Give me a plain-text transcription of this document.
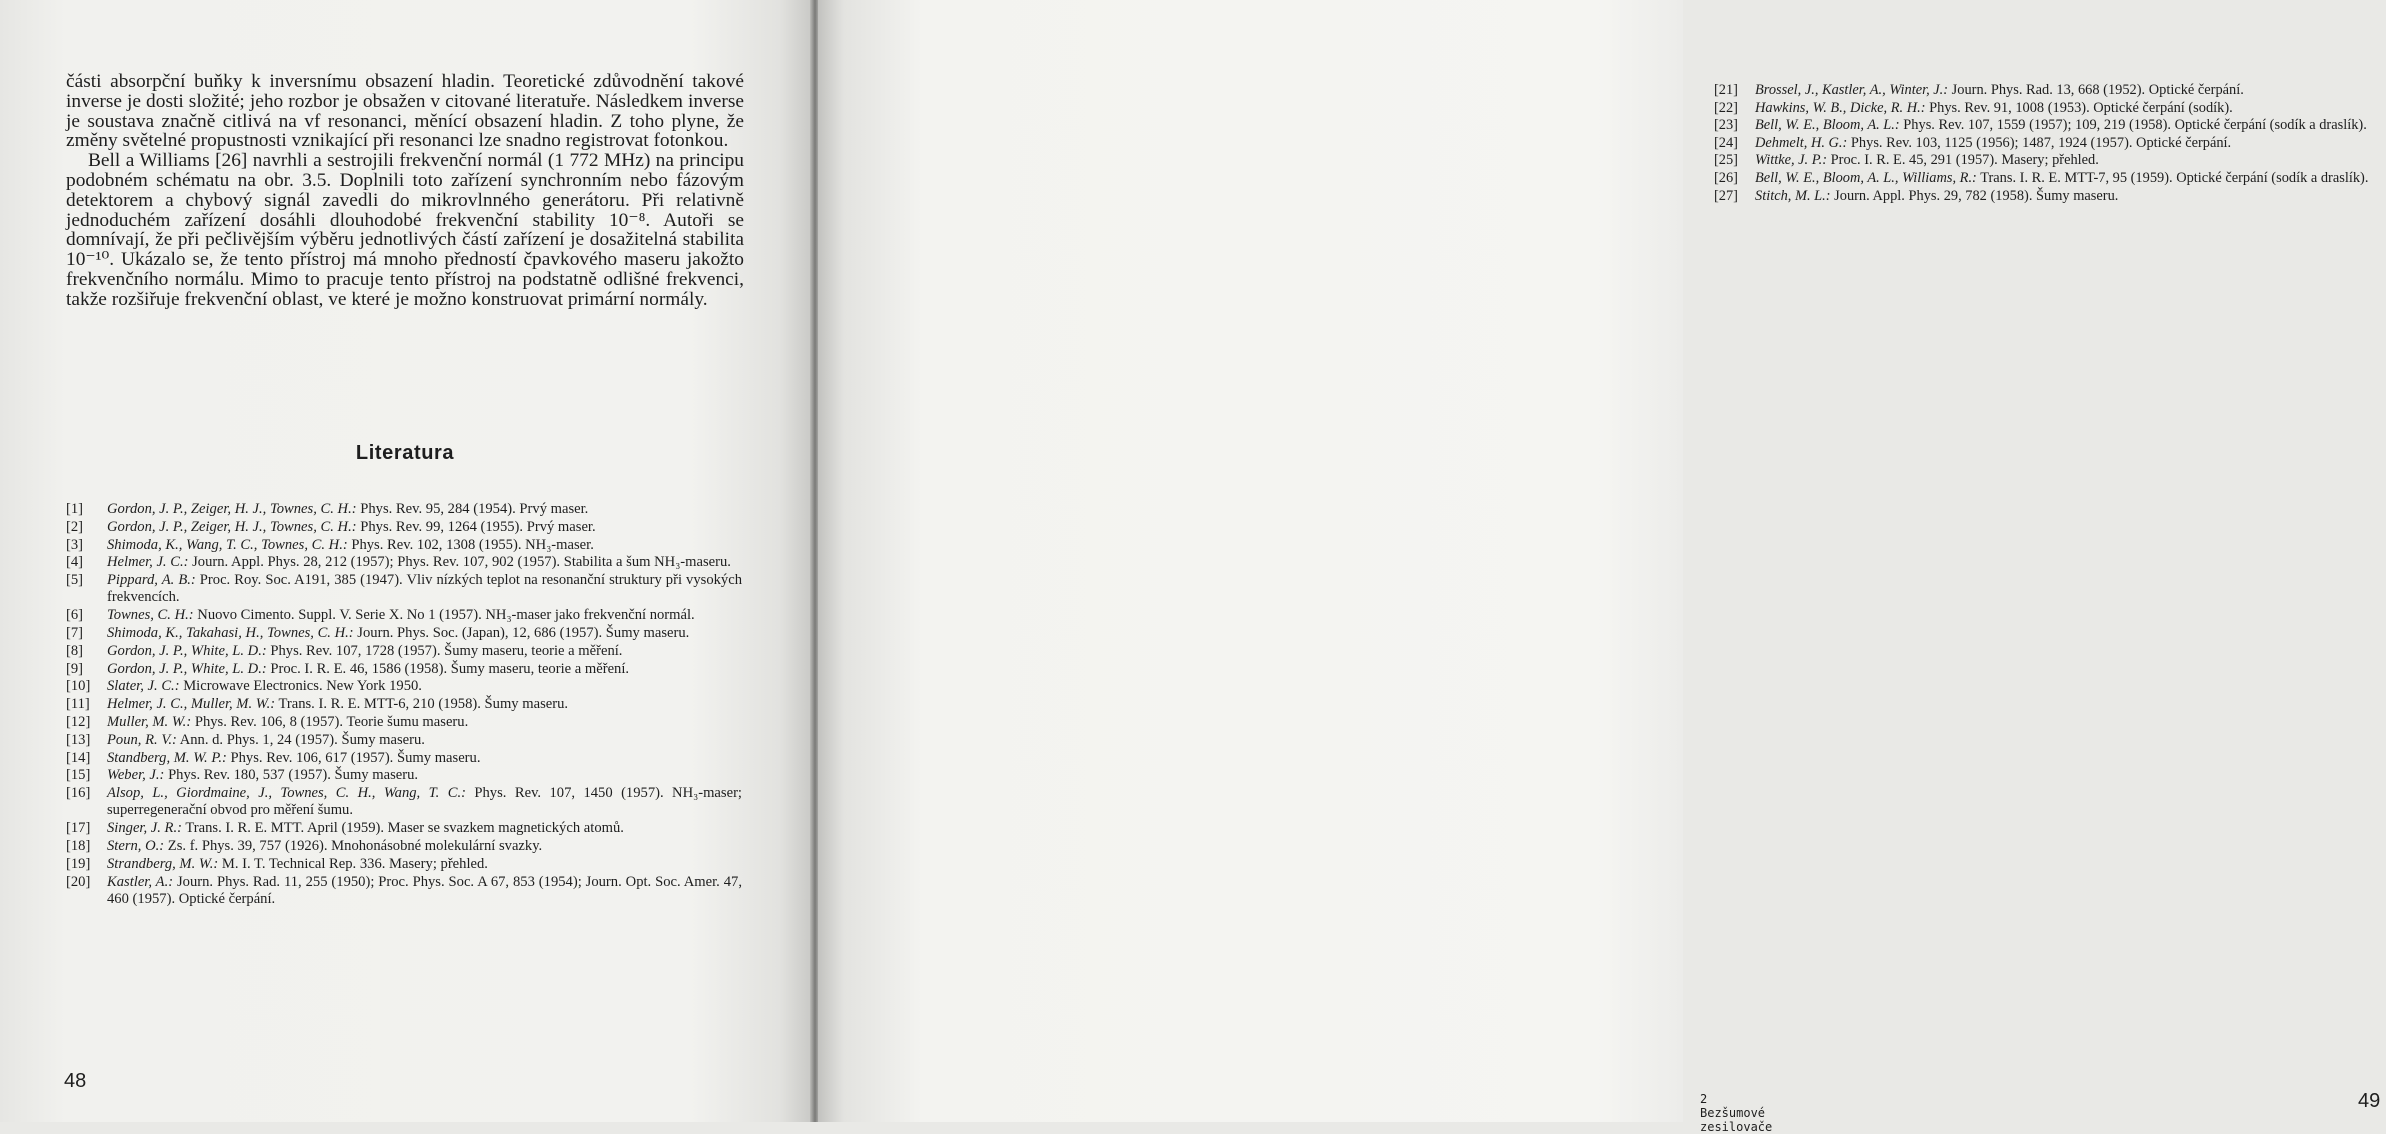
části absorpční buňky k inversnímu obsazení hladin. Teoretické zdůvodnění takové inverse je dosti složité; jeho rozbor je obsažen v citované literatuře. Následkem inverse je soustava značně citlivá na vf resonanci, měnící obsazení hladin. Z toho plyne, že změny světelné propustnosti vznikající při resonanci lze snadno registrovat fotonkou.

Bell a Williams [26] navrhli a sestrojili frekvenční normál (1 772 MHz) na principu podobném schématu na obr. 3.5. Doplnili toto zařízení synchronním nebo fázovým detektorem a chybový signál zavedli do mikrovlnného generátoru. Při relativně jednoduchém zařízení dosáhli dlouhodobé frekvenční stability 10⁻⁸. Autoři se domnívají, že při pečlivějším výběru jednotlivých částí zařízení je dosažitelná stabilita 10⁻¹⁰. Ukázalo se, že tento přístroj má mnoho předností čpavkového maseru jakožto frekvenčního normálu. Mimo to pracuje tento přístroj na podstatně odlišné frekvenci, takže rozšiřuje frekvenční oblast, ve které je možno konstruovat primární normály.

Literatura
[1] Gordon, J. P., Zeiger, H. J., Townes, C. H.: Phys. Rev. 95, 284 (1954). Prvý maser.
[2] Gordon, J. P., Zeiger, H. J., Townes, C. H.: Phys. Rev. 99, 1264 (1955). Prvý maser.
[3] Shimoda, K., Wang, T. C., Townes, C. H.: Phys. Rev. 102, 1308 (1955). NH₃-maser.
[4] Helmer, J. C.: Journ. Appl. Phys. 28, 212 (1957); Phys. Rev. 107, 902 (1957). Stabilita a šum NH₃-maseru.
[5] Pippard, A. B.: Proc. Roy. Soc. A191, 385 (1947). Vliv nízkých teplot na resonanční struktury při vysokých frekvencích.
[6] Townes, C. H.: Nuovo Cimento. Suppl. V. Serie X. No 1 (1957). NH₃-maser jako frekvenční normál.
[7] Shimoda, K., Takahasi, H., Townes, C. H.: Journ. Phys. Soc. (Japan), 12, 686 (1957). Šumy maseru.
[8] Gordon, J. P., White, L. D.: Phys. Rev. 107, 1728 (1957). Šumy maseru, teorie a měření.
[9] Gordon, J. P., White, L. D.: Proc. I. R. E. 46, 1586 (1958). Šumy maseru, teorie a měření.
[10] Slater, J. C.: Microwave Electronics. New York 1950.
[11] Helmer, J. C., Muller, M. W.: Trans. I. R. E. MTT-6, 210 (1958). Šumy maseru.
[12] Muller, M. W.: Phys. Rev. 106, 8 (1957). Teorie šumu maseru.
[13] Poun, R. V.: Ann. d. Phys. 1, 24 (1957). Šumy maseru.
[14] Standberg, M. W. P.: Phys. Rev. 106, 617 (1957). Šumy maseru.
[15] Weber, J.: Phys. Rev. 180, 537 (1957). Šumy maseru.
[16] Alsop, L., Giordmaine, J., Townes, C. H., Wang, T. C.: Phys. Rev. 107, 1450 (1957). NH₃-maser; superregenerační obvod pro měření šumu.
[17] Singer, J. R.: Trans. I. R. E. MTT. April (1959). Maser se svazkem magnetických atomů.
[18] Stern, O.: Zs. f. Phys. 39, 757 (1926). Mnohonásobné molekulární svazky.
[19] Strandberg, M. W.: M. I. T. Technical Rep. 336. Masery; přehled.
[20] Kastler, A.: Journ. Phys. Rad. 11, 255 (1950); Proc. Phys. Soc. A 67, 853 (1954); Journ. Opt. Soc. Amer. 47, 460 (1957). Optické čerpání.
48
[21] Brossel, J., Kastler, A., Winter, J.: Journ. Phys. Rad. 13, 668 (1952). Optické čerpání.
[22] Hawkins, W. B., Dicke, R. H.: Phys. Rev. 91, 1008 (1953). Optické čerpání (sodík).
[23] Bell, W. E., Bloom, A. L.: Phys. Rev. 107, 1559 (1957); 109, 219 (1958). Optické čerpání (sodík a draslík).
[24] Dehmelt, H. G.: Phys. Rev. 103, 1125 (1956); 1487, 1924 (1957). Optické čerpání.
[25] Wittke, J. P.: Proc. I. R. E. 45, 291 (1957). Masery; přehled.
[26] Bell, W. E., Bloom, A. L., Williams, R.: Trans. I. R. E. MTT-7, 95 (1959). Optické čerpání (sodík a draslík).
[27] Stitch, M. L.: Journ. Appl. Phys. 29, 782 (1958). Šumy maseru.
2 Bezšumové zesilovače
49
